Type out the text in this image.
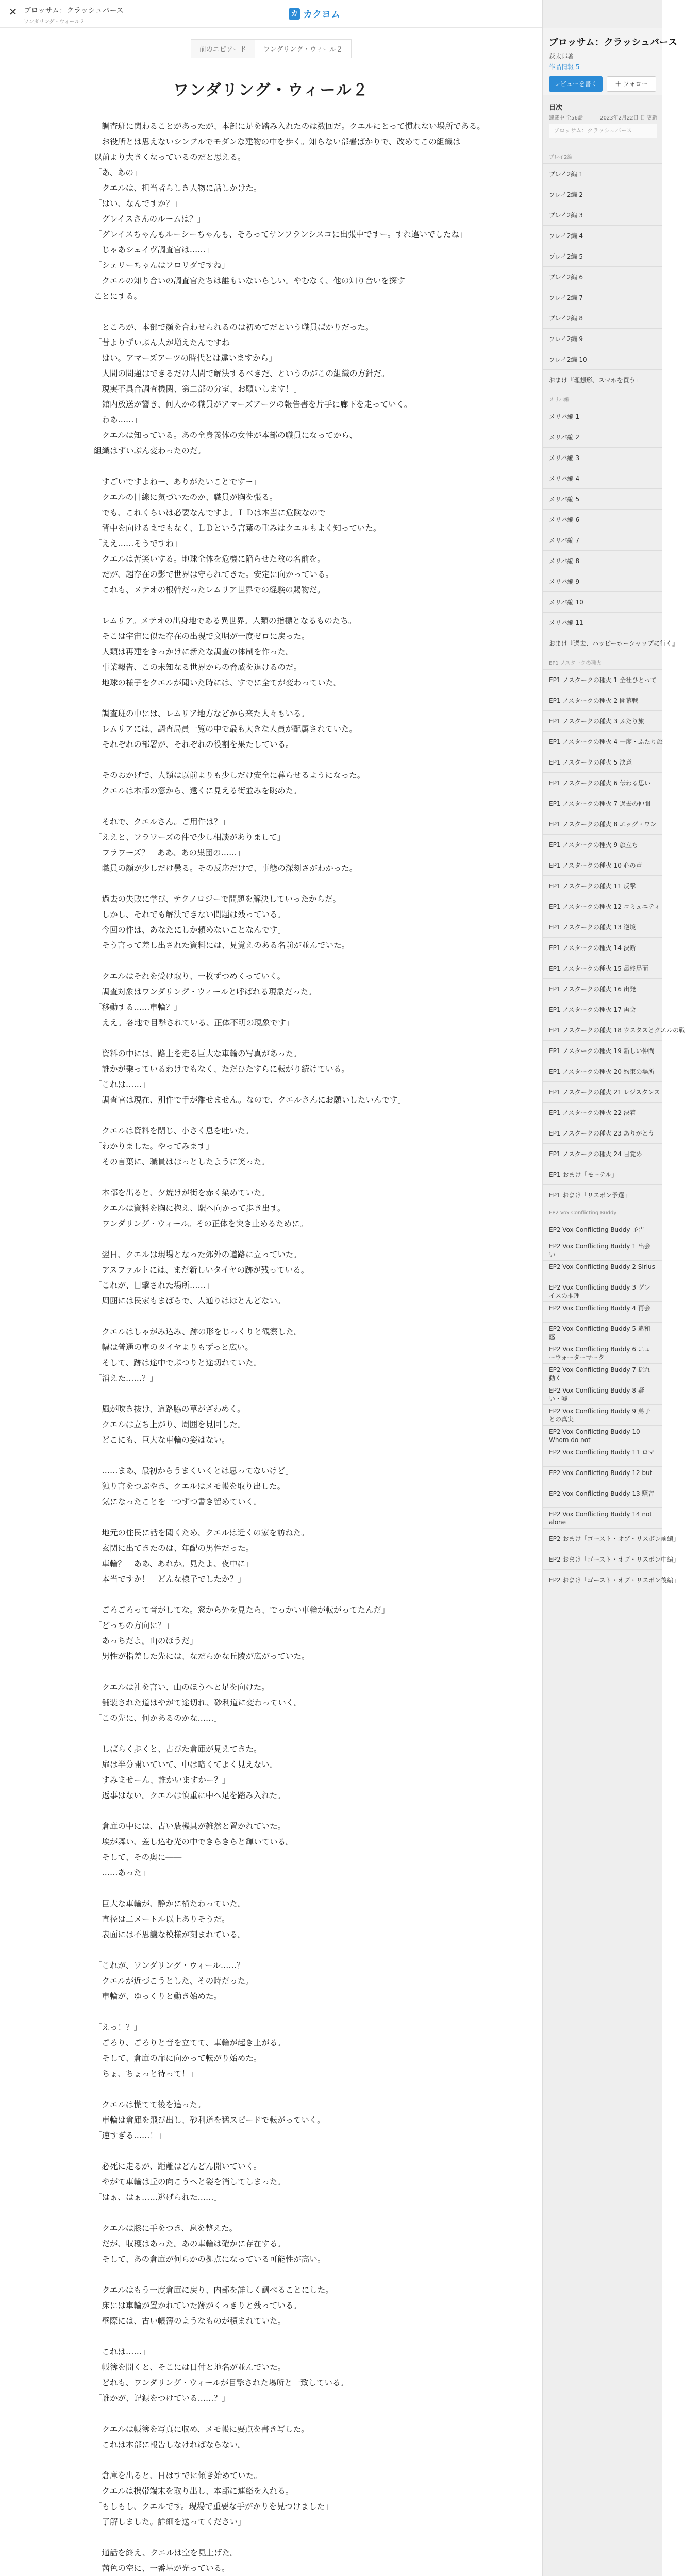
✕ プロッサム：クラッシュバース
ワンダリング・ウィール２
カ カクヨム
前のエピソード	ワンダリング・ウィール２
ワンダリング・ウィール２

　調査班に関わることがあったが、本部に足を踏み入れたのは数回だ。クエルにとって慣れない場所である。

　お役所とは思えないシンプルでモダンな建物の中を歩く。知らない部署ばかりで、改めてこの組織は

以前より大きくなっているのだと思える。

「あ、あの」

　クエルは、担当者らしき人物に話しかけた。

「はい、なんですか？」

「グレイスさんのルームは？」

「グレイスちゃんもルーシーちゃんも、そろってサンフランシスコに出張中ですー。すれ違いでしたね」

「じゃあシェイヴ調査官は……」

「シェリーちゃんはフロリダですね」

　クエルの知り合いの調査官たちは誰もいないらしい。やむなく、他の知り合いを探す

ことにする。

　ところが、本部で顔を合わせられるのは初めてだという職員ばかりだった。

「昔よりずいぶん人が増えたんですね」

「はい。アマーズアーツの時代とは違いますから」

　人間の問題はできるだけ人間で解決するべきだ、というのがこの組織の方針だ。

「現実不具合調査機関、第二部の分室、お願いします！」

　館内放送が響き、何人かの職員がアマーズアーツの報告書を片手に廊下を走っていく。

「わあ……」

　クエルは知っている。あの全身義体の女性が本部の職員になってから、

組織はずいぶん変わったのだ。

「すごいですよねー、ありがたいことですー」

　クエルの目線に気づいたのか、職員が胸を張る。

「でも、これくらいは必要なんですよ。ＬＤは本当に危険なので」

　背中を向けるまでもなく、ＬＤという言葉の重みはクエルもよく知っていた。

「ええ……そうですね」

　クエルは苦笑いする。地球全体を危機に陥らせた敵の名前を。

　だが、超存在の影で世界は守られてきた。安定に向かっている。

　これも、メテオの根幹だったレムリア世界での経験の賜物だ。

　レムリア。メテオの出身地である異世界。人類の指標となるものたち。

　そこは宇宙に似た存在の出現で文明が一度ゼロに戻った。

　人類は再建をきっかけに新たな調査の体制を作った。

　事業報告、この未知なる世界からの脅威を退けるのだ。

　地球の様子をクエルが聞いた時には、すでに全てが変わっていた。

　調査班の中には、レムリア地方などから来た人々もいる。

　レムリアには、調査局員一覧の中で最も大きな人員が配属されていた。

　それぞれの部署が、それぞれの役割を果たしている。

　そのおかげで、人類は以前よりも少しだけ安全に暮らせるようになった。

　クエルは本部の窓から、遠くに見える街並みを眺めた。

「それで、クエルさん。ご用件は？」

「ええと、フラワーズの件で少し相談がありまして」

「フラワーズ？　ああ、あの集団の……」

　職員の顔が少しだけ曇る。その反応だけで、事態の深刻さがわかった。

　過去の失敗に学び、テクノロジーで問題を解決していったからだ。

　しかし、それでも解決できない問題は残っている。

「今回の件は、あなたにしか頼めないことなんです」

　そう言って差し出された資料には、見覚えのある名前が並んでいた。

　クエルはそれを受け取り、一枚ずつめくっていく。

　調査対象はワンダリング・ウィールと呼ばれる現象だった。

「移動する……車輪？」

「ええ。各地で目撃されている、正体不明の現象です」

　資料の中には、路上を走る巨大な車輪の写真があった。

　誰かが乗っているわけでもなく、ただひたすらに転がり続けている。

「これは……」

「調査官は現在、別件で手が離せません。なので、クエルさんにお願いしたいんです」

　クエルは資料を閉じ、小さく息を吐いた。

「わかりました。やってみます」

　その言葉に、職員はほっとしたように笑った。

　本部を出ると、夕焼けが街を赤く染めていた。

　クエルは資料を胸に抱え、駅へ向かって歩き出す。

　ワンダリング・ウィール。その正体を突き止めるために。

　翌日、クエルは現場となった郊外の道路に立っていた。

　アスファルトには、まだ新しいタイヤの跡が残っている。

「これが、目撃された場所……」

　周囲には民家もまばらで、人通りはほとんどない。

　クエルはしゃがみ込み、跡の形をじっくりと観察した。

　幅は普通の車のタイヤよりもずっと広い。

　そして、跡は途中でぷつりと途切れていた。

「消えた……？」

　風が吹き抜け、道路脇の草がざわめく。

　クエルは立ち上がり、周囲を見回した。

　どこにも、巨大な車輪の姿はない。

「……まあ、最初からうまくいくとは思ってないけど」

　独り言をつぶやき、クエルはメモ帳を取り出した。

　気になったことを一つずつ書き留めていく。

　地元の住民に話を聞くため、クエルは近くの家を訪ねた。

　玄関に出てきたのは、年配の男性だった。

「車輪？　ああ、あれか。見たよ、夜中に」

「本当ですか！　どんな様子でしたか？」

「ごろごろって音がしてな。窓から外を見たら、でっかい車輪が転がってたんだ」

「どっちの方向に？」

「あっちだよ。山のほうだ」

　男性が指差した先には、なだらかな丘陵が広がっていた。

　クエルは礼を言い、山のほうへと足を向けた。

　舗装された道はやがて途切れ、砂利道に変わっていく。

「この先に、何かあるのかな……」

　しばらく歩くと、古びた倉庫が見えてきた。

　扉は半分開いていて、中は暗くてよく見えない。

「すみませーん、誰かいますかー？」

　返事はない。クエルは慎重に中へ足を踏み入れた。

　倉庫の中には、古い農機具が雑然と置かれていた。

　埃が舞い、差し込む光の中できらきらと輝いている。

　そして、その奥に――

「……あった」

　巨大な車輪が、静かに横たわっていた。

　直径は二メートル以上ありそうだ。

　表面には不思議な模様が刻まれている。

「これが、ワンダリング・ウィール……？」

　クエルが近づこうとした、その時だった。

　車輪が、ゆっくりと動き始めた。

「えっ！？」

　ごろり、ごろりと音を立てて、車輪が起き上がる。

　そして、倉庫の扉に向かって転がり始めた。

「ちょ、ちょっと待って！」

　クエルは慌てて後を追った。

　車輪は倉庫を飛び出し、砂利道を猛スピードで転がっていく。

「速すぎる……！」

　必死に走るが、距離はどんどん開いていく。

　やがて車輪は丘の向こうへと姿を消してしまった。

「はぁ、はぁ……逃げられた……」

　クエルは膝に手をつき、息を整えた。

　だが、収穫はあった。あの車輪は確かに存在する。

　そして、あの倉庫が何らかの拠点になっている可能性が高い。

　クエルはもう一度倉庫に戻り、内部を詳しく調べることにした。

　床には車輪が置かれていた跡がくっきりと残っている。

　壁際には、古い帳簿のようなものが積まれていた。

「これは……」

　帳簿を開くと、そこには日付と地名が並んでいた。

　どれも、ワンダリング・ウィールが目撃された場所と一致している。

「誰かが、記録をつけている……？」

　クエルは帳簿を写真に収め、メモ帳に要点を書き写した。

　これは本部に報告しなければならない。

　倉庫を出ると、日はすでに傾き始めていた。

　クエルは携帯端末を取り出し、本部に連絡を入れる。

「もしもし、クエルです。現場で重要な手がかりを見つけました」

「了解しました。詳細を送ってください」

　通話を終え、クエルは空を見上げた。

　茜色の空に、一番星が光っている。

ブロッサム：クラッシュバース
荻太郎著
作品情報 5
レビューを書く	＋ フォロー
目次
連載中 全56話	2023年2月22日 日 更新
ブロッサム：クラッシュバース
プレイ2編
プレイ2編 1
プレイ2編 2
プレイ2編 3
プレイ2編 4
プレイ2編 5
プレイ2編 6
プレイ2編 7
プレイ2編 8
プレイ2編 9
プレイ2編 10
おまけ『理想形、スマホを買う』
メリバ編
メリバ編 1
メリバ編 2
メリバ編 3
メリバ編 4
メリバ編 5
メリバ編 6
メリバ編 7
メリバ編 8
メリバ編 9
メリバ編 10
メリバ編 11
おまけ『過去、ハッピーホーシャップに行く』
EP1 ノスタークの種火
EP1 ノスタークの種火 1 全社ひとって
EP1 ノスタークの種火 2 開幕戦
EP1 ノスタークの種火 3 ふたり旅
EP1 ノスタークの種火 4 一度・ふたり旅
EP1 ノスタークの種火 5 決意
EP1 ノスタークの種火 6 伝わる思い
EP1 ノスタークの種火 7 過去の仲間
EP1 ノスタークの種火 8 エッグ・ワン
EP1 ノスタークの種火 9 旅立ち
EP1 ノスタークの種火 10 心の声
EP1 ノスタークの種火 11 反撃
EP1 ノスタークの種火 12 コミュニティ
EP1 ノスタークの種火 13 逆境
EP1 ノスタークの種火 14 決断
EP1 ノスタークの種火 15 最終局面
EP1 ノスタークの種火 16 出発
EP1 ノスタークの種火 17 再会
EP1 ノスタークの種火 18 ウスタスとクエルの戦
EP1 ノスタークの種火 19 新しい仲間
EP1 ノスタークの種火 20 約束の場所
EP1 ノスタークの種火 21 レジスタンス
EP1 ノスタークの種火 22 決着
EP1 ノスタークの種火 23 ありがとう
EP1 ノスタークの種火 24 目覚め
EP1 おまけ「モーテル」
EP1 おまけ「リスボン予選」
EP2 Vox Conflicting Buddy
EP2 Vox Conflicting Buddy 予告
EP2 Vox Conflicting Buddy 1 出会い
EP2 Vox Conflicting Buddy 2 Sirius
EP2 Vox Conflicting Buddy 3 グレイスの推理
EP2 Vox Conflicting Buddy 4 再会
EP2 Vox Conflicting Buddy 5 違和感
EP2 Vox Conflicting Buddy 6 ニューウォーターマーク
EP2 Vox Conflicting Buddy 7 揺れ動く
EP2 Vox Conflicting Buddy 8 疑い・嘘
EP2 Vox Conflicting Buddy 9 弟子との真実
EP2 Vox Conflicting Buddy 10 Whom do not
EP2 Vox Conflicting Buddy 11 ロマ
EP2 Vox Conflicting Buddy 12 but
EP2 Vox Conflicting Buddy 13 騒音
EP2 Vox Conflicting Buddy 14 not alone
EP2 おまけ「ゴースト・オブ・リスボン前編」
EP2 おまけ「ゴースト・オブ・リスボン中編」
EP2 おまけ「ゴースト・オブ・リスボン後編」
